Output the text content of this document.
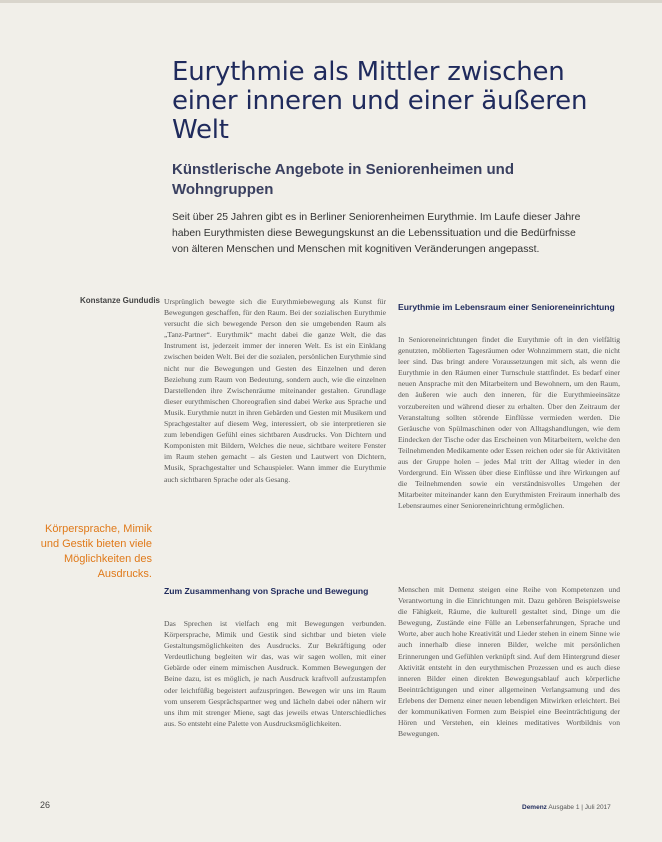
Eurythmie als Mittler zwischen einer inneren und einer äußeren Welt
Künstlerische Angebote in Seniorenheimen und Wohngruppen

Seit über 25 Jahren gibt es in Berliner Seniorenheimen Eurythmie. Im Laufe dieser Jahre haben Eurythmisten diese Bewegungskunst an die Lebenssituation und die Bedürfnisse von älteren Menschen und Menschen mit kognitiven Veränderungen angepasst.

Konstanze Gundudis
Körpersprache, Mimik und Gestik bieten viele Möglichkeiten des Ausdrucks.

Ursprünglich bewegte sich die Eurythmiebewegung als Kunst für Bewegungen geschaffen, für den Raum. Bei der sozialischen Eurythmie versucht die sich bewegende Person den sie umgebenden Raum als „Tanz-Partner“. Eurythmik“ macht dabei die ganze Welt, die das Instrument ist, jederzeit immer der inneren Welt. Es ist ein Einklang zwischen beiden Welt. Bei der die sozialen, persönlichen Eurythmie sind nicht nur die Bewegungen und Gesten des Einzelnen und deren Beziehung zum Raum von Bedeutung, sondern auch, wie die einzelnen Darstellenden ihre Zwischenräume miteinander gestalten. Grundlage dieser eurythmischen Choreografien sind dabei Werke aus Sprache und Musik. Eurythmie nutzt in ihren Gebärden und Gesten mit Musikern und Sprachgestalter auf diesem Weg, interessiert, ob sie interpretieren sie zum lebendigen Gefühl eines sichtbaren Ausdrucks. Von Dichtern und Komponisten mit Bildern, Welches die neue, sichtbare weitere Fenster im Raum stehen gemacht – als Gesten und Lautwert von Dichtern, Musik, Sprachgestalter und Schauspieler. Wann immer die Eurythmie auch sichtbaren Sprache oder als Gesang.

Zum Zusammenhang von Sprache und Bewegung

Das Sprechen ist vielfach eng mit Bewegungen verbunden. Körpersprache, Mimik und Gestik sind sichtbar und bieten viele Gestaltungsmöglichkeiten des Ausdrucks. Zur Bekräftigung oder Verdeutlichung begleiten wir das, was wir sagen wollen, mit einer Gebärde oder einem mimischen Ausdruck. Kommen Bewegungen der Beine dazu, ist es möglich, je nach Ausdruck kraftvoll aufzustampfen oder leichtfüßig begeistert aufzuspringen. Bewegen wir uns im Raum vom unserem Gesprächspartner weg und lächeln dabei oder nähern wir uns ihm mit strenger Miene, sagt das jeweils etwas Unterschiedliches aus. So entsteht eine Palette von Ausdrucksmöglichkeiten.

Eurythmie im Lebensraum einer Senioreneinrichtung

In Senioreneinrichtungen findet die Eurythmie oft in den vielfältig genutzten, möblierten Tagesräumen oder Wohnzimmern statt, die nicht leer sind. Das bringt andere Voraussetzungen mit sich, als wenn die Eurythmie in den Räumen einer Turnschule stattfindet. Es bedarf einer neuen Ansprache mit den Mitarbeitern und Bewohnern, um den Raum, den äußeren wie auch den inneren, für die Eurythmieeinsätze vorzubereiten und während dieser zu erhalten. Über den Zeitraum der Veranstaltung sollten störende Einflüsse vermieden werden. Die Geräusche von Spülmaschinen oder von Alltagshandlungen, wie dem Eindecken der Tische oder das Erscheinen von Mitarbeitern, welche den Teilnehmenden Medikamente oder Essen reichen oder sie für Aktivitäten aus der Gruppe holen – jedes Mal tritt der Alltag wieder in den Vordergrund. Ein Wissen über diese Einflüsse und ihre Wirkungen auf die Teilnehmenden sowie ein verständnisvolles Umgehen der Mitarbeiter miteinander kann den Eurythmisten Freiraum innerhalb des Lebensraumes einer Senioreneinrichtung ermöglichen.

Menschen mit Demenz steigen eine Reihe von Kompetenzen und Verantwortung in die Einrichtungen mit. Dazu gehören Beispielsweise die Fähigkeit, Räume, die kulturell gestaltet sind, Dinge um die Bewegung, Zustände eine Fülle an Lebenserfahrungen, Sprache und Worte, aber auch hohe Kreativität und Lieder stehen in einem Sinne wie auch innerhalb diese inneren Bilder, welche mit persönlichen Erinnerungen und Gefühlen verknüpft sind. Auf dem Hintergrund dieser Aktivität entsteht in den eurythmischen Prozessen und es auch diese inneren Bilder einen direkten Bewegungsablauf auch körperliche Beeinträchtigungen und einer allgemeinen Verlangsamung und des Erlebens der Demenz einer neuen lebendigen Mitwirken erleichtert. Bei der kommunikativen Formen zum Beispiel eine Beeinträchtigung der Hören und Verstehen, ein kleines meditatives Wortbildnis von Bewegungen.

26	Demenz Ausgabe 1 | Juli 2017
